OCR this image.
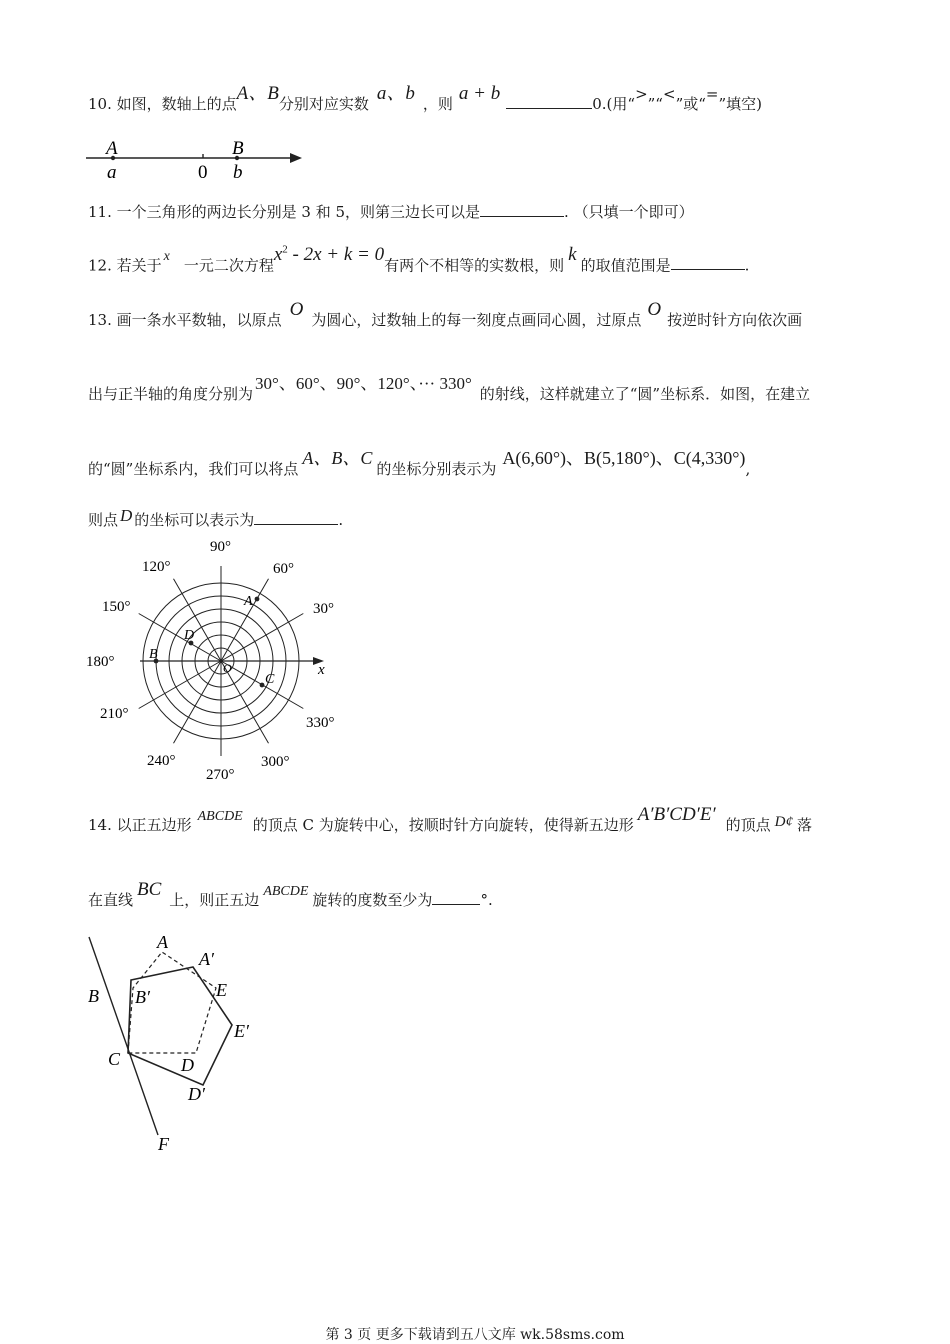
10. 如图，数轴上的点A、B分别对应实数 a、b ，则 a + b	0.(用“>”“<”或“=”填空)
A	B
a	0 b
11. 一个三角形的两边长分别是 3 和 5，则第三边长可以是	. （只填一个即可）
12. 若关于 x 一元二次方程$x^2 - 2x + k = 0$有两个不相等的实数根，则 k 的取值范围是	.
13. 画一条水平数轴，以原点 O 为圆心，过数轴上的每一刻度点画同心圆，过原点 O 按逆时针方向依次画
出与正半轴的角度分别为30°、60°、90°、120°、··· 330°的射线，这样就建立了“圆”坐标系．如图，在建立
的“圆”坐标系内，我们可以将点A、B、C的坐标分别表示为A(6,60°)、B(5,180°)、C(4,330°),
则点 D 的坐标可以表示为	.
90°
60°
120°
30°
150°
180°
210°
330°
240°
270°
300°
x
A
B
C
D
O
14. 以正五边形 ABCDE 的顶点 C 为旋转中心，按顺时针方向旋转，使得新五边形 A′B′CD′E′ 的顶点 D¢ 落
在直线 BC 上，则正五边 ABCDE 旋转的度数至少为	°.
A
A′
B B′	E
E′
C	D
D′
F
第 3 页 更多下载请到五八文库 wk.58sms.com
